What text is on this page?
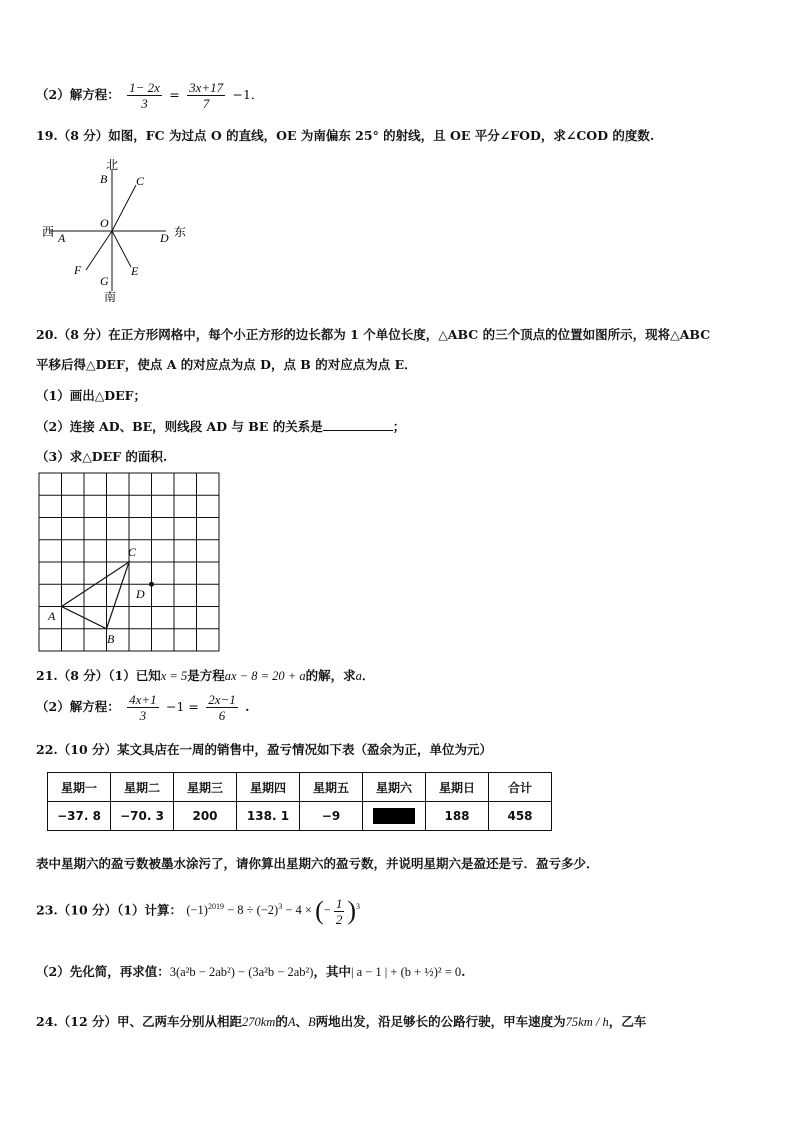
（2）解方程： $\frac{1- 2x}{3} = \frac{3x+17}{7} -1$．
19.（8 分）如图，FC 为过点 O 的直线，OE 为南偏东 25° 的射线，且 OE 平分∠FOD，求∠COD 的度数.
北
B C
O
西 A	D 东
F	E
G
南
20.（8 分）在正方形网格中，每个小正方形的边长都为 1 个单位长度，△ABC 的三个顶点的位置如图所示，现将△ABC
平移后得△DEF，使点 A 的对应点为点 D，点 B 的对应点为点 E．
（1）画出△DEF；
（2）连接 AD、BE，则线段 AD 与 BE 的关系是	；
（3）求△DEF 的面积.
C
D
A
B
21.（8 分）（1）已知x = 5是方程ax − 8 = 20 + a的解，求a．
（2）解方程： $\frac{4x+1}{3} -1 = \frac{2x-1}{6}$ .
22.（10 分）某文具店在一周的销售中，盈亏情况如下表（盈余为正，单位为元）
星期一	星期二	星期三	星期四	星期五	星期六	星期日	合计
−37. 8	−70. 3	200	138. 1	−9		188	458
表中星期六的盈亏数被墨水涂污了，请你算出星期六的盈亏数，并说明星期六是盈还是亏．盈亏多少．
23.（10 分）（1）计算： $(-1)^{2019} - 8 \div (-2)^3 - 4$ × (− $\frac{1}{2} )^3$
（2）先化简，再求值：3(a²b − 2ab²) − (3a²b − 2ab²)，其中| a − 1 | + (b + ½)² = 0.
24.（12 分）甲、乙两车分别从相距270km的A、B两地出发，沿足够长的公路行驶，甲车速度为75km / h，乙车
